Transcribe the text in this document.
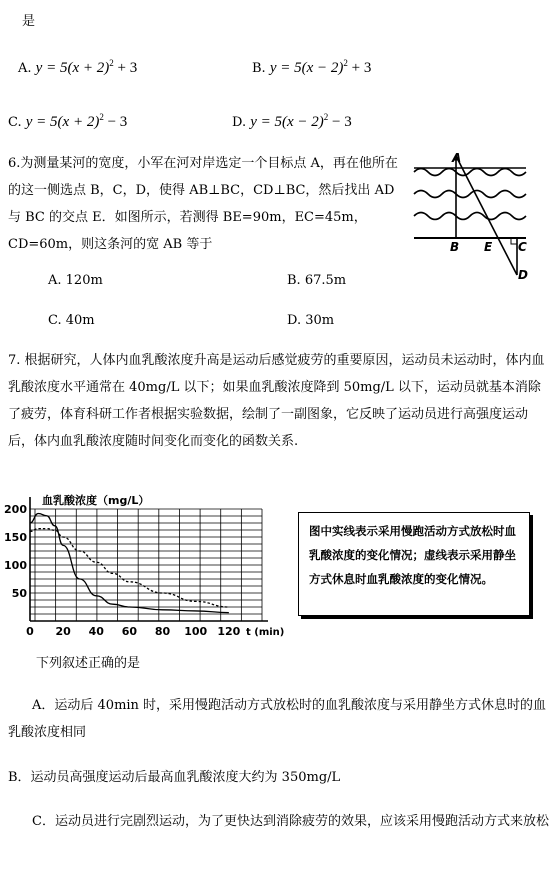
是
A. $y = 5(x + 2)^2 + 3$	B. $y = 5(x - 2)^2 + 3$
C. $y = 5(x + 2)^2 - 3$	D. $y = 5(x - 2)^2 - 3$
6.为测量某河的宽度，小军在河对岸选定一个目标点 A，再在他所在的这一侧选点 B，C，D，使得 AB⊥BC，CD⊥BC，然后找出 AD 与 BC 的交点 E．如图所示，若测得 BE=90m，EC=45m，CD=60m，则这条河的宽 AB 等于
A
B E C
D
A. 120m	B. 67.5m
C. 40m	D. 30m
7. 根据研究，人体内血乳酸浓度升高是运动后感觉疲劳的重要原因，运动员未运动时，体内血乳酸浓度水平通常在 40mg/L 以下；如果血乳酸浓度降到 50mg/L 以下，运动员就基本消除了疲劳，体育科研工作者根据实验数据，绘制了一副图象，它反映了运动员进行高强度运动后，体内血乳酸浓度随时间变化而变化的函数关系.
0 20 40 60 80 100 120
50
100
150
200
血乳酸浓度（mg/L）
t (min)
图中实线表示采用慢跑活动方式放松时血乳酸浓度的变化情况；虚线表示采用静坐方式休息时血乳酸浓度的变化情况。
下列叙述正确的是
A．运动后 40min 时，采用慢跑活动方式放松时的血乳酸浓度与采用静坐方式休息时的血乳酸浓度相同
B．运动员高强度运动后最高血乳酸浓度大约为 350mg/L
C．运动员进行完剧烈运动，为了更快达到消除疲劳的效果，应该采用慢跑活动方式来放松
